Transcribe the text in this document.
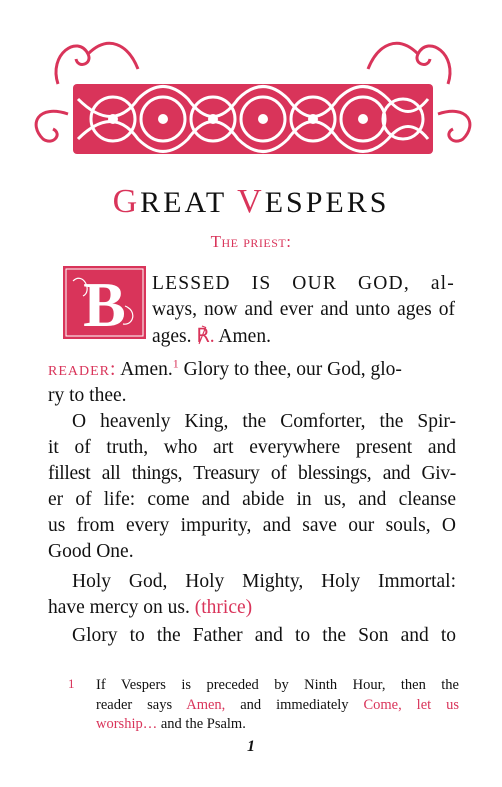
GREAT VESPERS
The priest:
B LESSED IS OUR GOD, al-
ways, now and ever and unto ages of
ages. ℟. Amen.
reader: Amen.$^1$ Glory to thee, our God, glo-
ry to thee.
O heavenly King, the Comforter, the Spir-
it of truth, who art everywhere present and
fillest all things, Treasury of blessings, and Giv-
er of life: come and abide in us, and cleanse
us from every impurity, and save our souls, O
Good One.
Holy God, Holy Mighty, Holy Immortal:
have mercy on us. (thrice)
Glory to the Father and to the Son and to
1 If Vespers is preceded by Ninth Hour, then the
reader says Amen, and immediately Come, let us
worship… and the Psalm.
1
